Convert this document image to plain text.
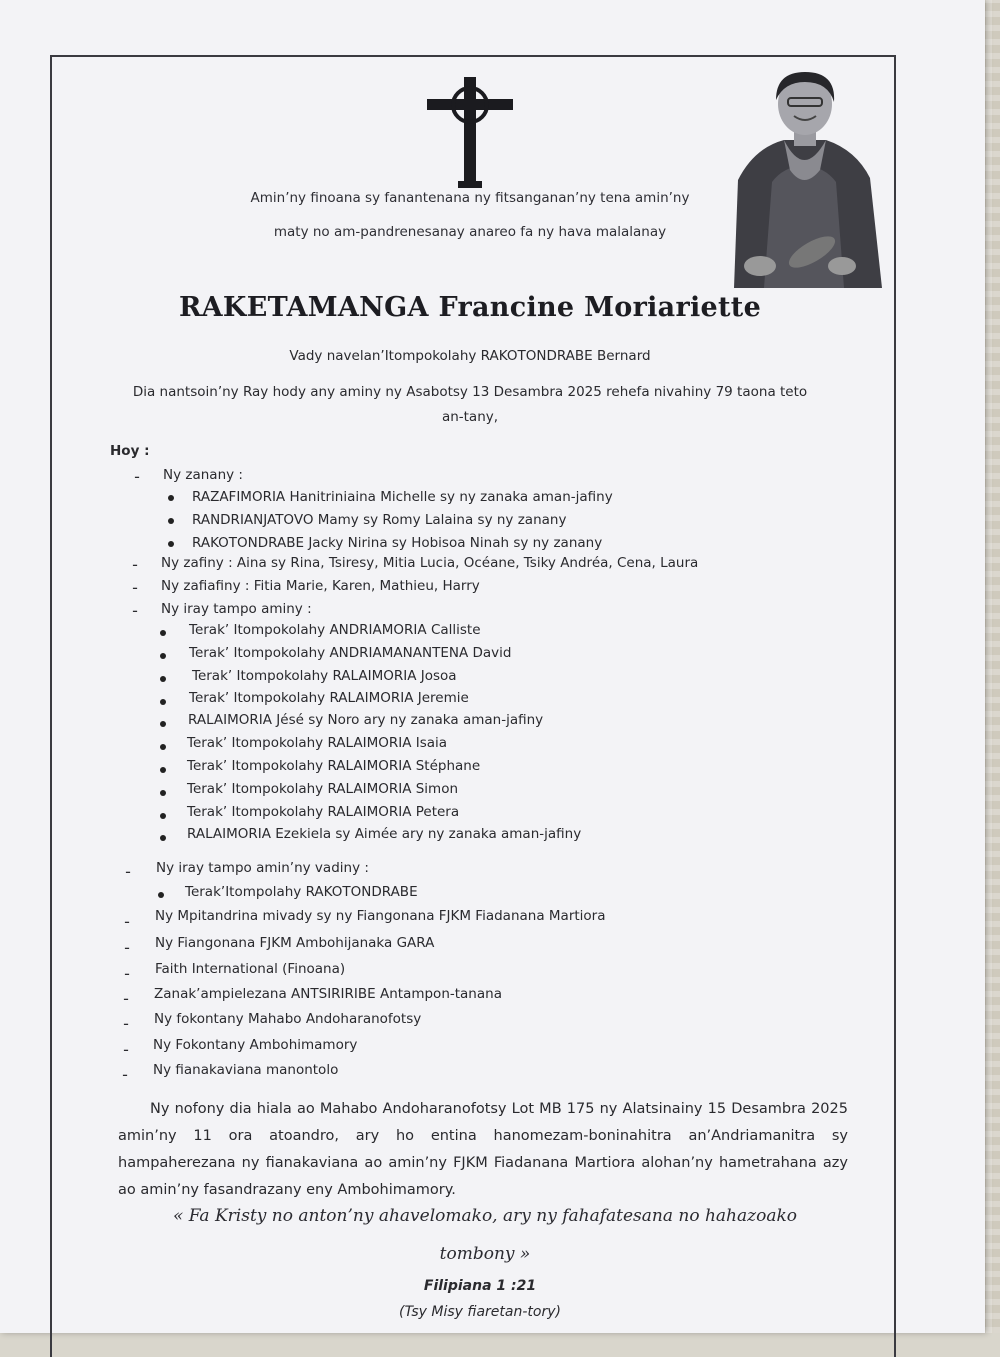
Amin’ny finoana sy fanantenana ny fitsanganan’ny tena amin’ny
maty no am-pandrenesanay anareo fa ny hava malalanay
RAKETAMANGA Francine Moriariette
Vady navelan’Itompokolahy RAKOTONDRABE Bernard
Dia nantsoin’ny Ray hody any aminy ny Asabotsy 13 Desambra 2025 rehefa nivahiny 79 taona teto
an-tany,
Hoy :
-	Ny zanany :
RAZAFIMORIA Hanitriniaina Michelle sy ny zanaka aman-jafiny
RANDRIANJATOVO Mamy sy Romy Lalaina sy ny zanany
RAKOTONDRABE Jacky Nirina sy Hobisoa Ninah sy ny zanany
-	Ny zafiny : Aina sy Rina, Tsiresy, Mitia Lucia, Océane, Tsiky Andréa, Cena, Laura
-	Ny zafiafiny : Fitia Marie, Karen, Mathieu, Harry
-	Ny iray tampo aminy :
Terak’ Itompokolahy ANDRIAMORIA Calliste
Terak’ Itompokolahy ANDRIAMANANTENA David
Terak’ Itompokolahy RALAIMORIA Josoa
Terak’ Itompokolahy RALAIMORIA Jeremie
RALAIMORIA Jésé sy Noro ary ny zanaka aman-jafiny
Terak’ Itompokolahy RALAIMORIA Isaia
Terak’ Itompokolahy RALAIMORIA Stéphane
Terak’ Itompokolahy RALAIMORIA Simon
Terak’ Itompokolahy RALAIMORIA Petera
RALAIMORIA Ezekiela sy Aimée ary ny zanaka aman-jafiny
-	Ny iray tampo amin’ny vadiny :
Terak’Itompolahy RAKOTONDRABE
-	Ny Mpitandrina mivady sy ny Fiangonana FJKM Fiadanana Martiora
-	Ny Fiangonana FJKM Ambohijanaka GARA
-	Faith International (Finoana)
-	Zanak’ampielezana ANTSIRIRIBE Antampon-tanana
-	Ny fokontany Mahabo Andoharanofotsy
-	Ny Fokontany Ambohimamory
-	Ny fianakaviana manontolo
Ny nofony dia hiala ao Mahabo Andoharanofotsy Lot MB 175 ny Alatsinainy 15 Desambra 2025 amin’ny 11 ora atoandro, ary ho entina hanomezam-boninahitra an’Andriamanitra sy hampaherezana ny fianakaviana ao amin’ny FJKM Fiadanana Martiora alohan’ny hametrahana azy ao amin’ny fasandrazany eny Ambohimamory.
« Fa Kristy no anton’ny ahavelomako, ary ny fahafatesana no hahazoako
tombony »
Filipiana 1 :21
(Tsy Misy fiaretan-tory)
